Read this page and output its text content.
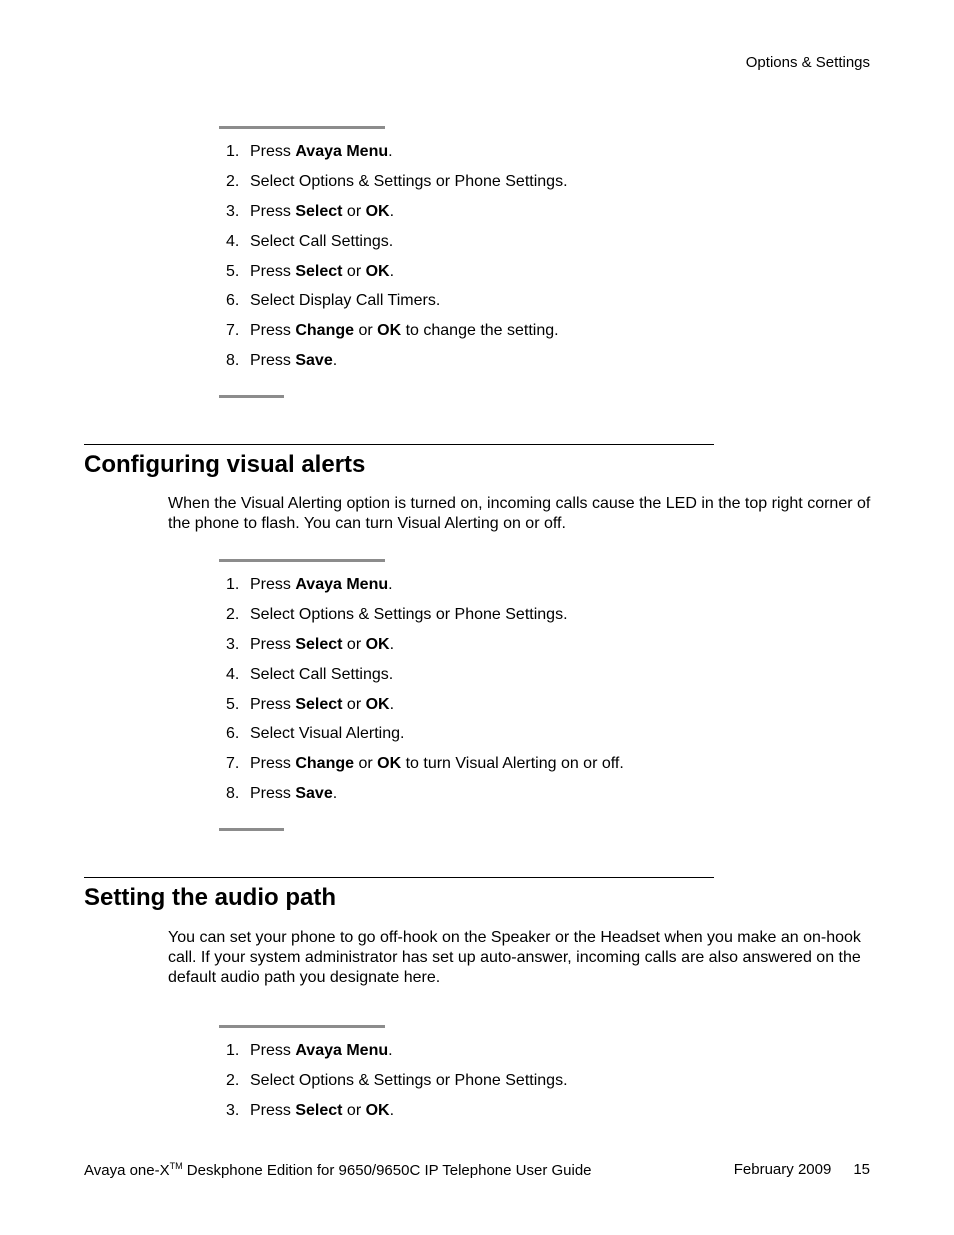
Options & Settings
1. Press Avaya Menu.
2. Select Options & Settings or Phone Settings.
3. Press Select or OK.
4. Select Call Settings.
5. Press Select or OK.
6. Select Display Call Timers.
7. Press Change or OK to change the setting.
8. Press Save.
Configuring visual alerts

When the Visual Alerting option is turned on, incoming calls cause the LED in the top right corner of the phone to flash. You can turn Visual Alerting on or off.

1. Press Avaya Menu.
2. Select Options & Settings or Phone Settings.
3. Press Select or OK.
4. Select Call Settings.
5. Press Select or OK.
6. Select Visual Alerting.
7. Press Change or OK to turn Visual Alerting on or off.
8. Press Save.
Setting the audio path

You can set your phone to go off-hook on the Speaker or the Headset when you make an on-hook call. If your system administrator has set up auto-answer, incoming calls are also answered on the default audio path you designate here.

1. Press Avaya Menu.
2. Select Options & Settings or Phone Settings.
3. Press Select or OK.
Avaya one-X™ Deskphone Edition for 9650/9650C IP Telephone User Guide	February 2009 15
